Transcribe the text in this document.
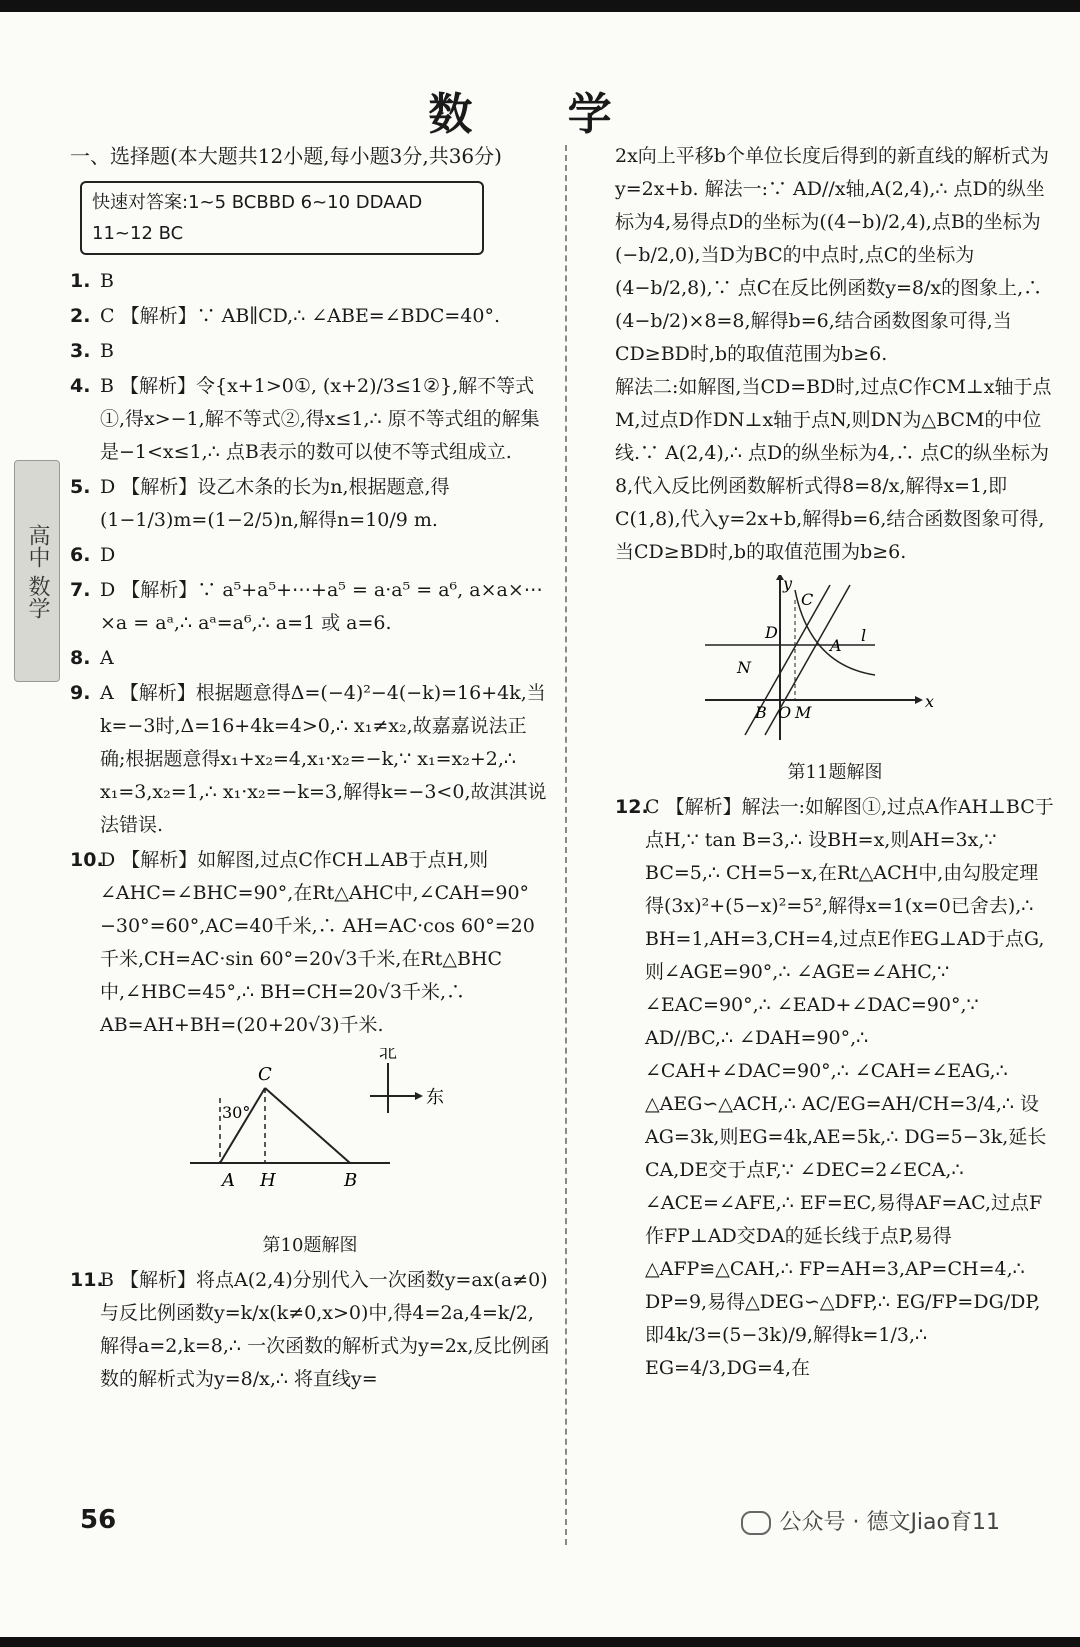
数 学
高中 数学
一、选择题(本大题共12小题,每小题3分,共36分)
快速对答案:1~5 BCBBD 6~10 DDAAD
11~12 BC
1. B
2. C 【解析】∵ AB∥CD,∴ ∠ABE=∠BDC=40°.
3. B
4. B 【解析】令{x+1>0①, (x+2)/3≤1②},解不等式①,得x>−1,解不等式②,得x≤1,∴ 原不等式组的解集是−1<x≤1,∴ 点B表示的数可以使不等式组成立.
5. D 【解析】设乙木条的长为n,根据题意,得(1−1/3)m=(1−2/5)n,解得n=10/9 m.
6. D
7. D 【解析】∵ a⁵+a⁵+⋯+a⁵ = a·a⁵ = a⁶, a×a×⋯×a = aᵃ,∴ aᵃ=a⁶,∴ a=1 或 a=6.
8. A
9. A 【解析】根据题意得Δ=(−4)²−4(−k)=16+4k,当k=−3时,Δ=16+4k=4>0,∴ x₁≠x₂,故嘉嘉说法正确;根据题意得x₁+x₂=4,x₁·x₂=−k,∵ x₁=x₂+2,∴ x₁=3,x₂=1,∴ x₁·x₂=−k=3,解得k=−3<0,故淇淇说法错误.
10.
D 【解析】如解图,过点C作CH⊥AB于点H,则∠AHC=∠BHC=90°,在Rt△AHC中,∠CAH=90°−30°=60°,AC=40千米,∴ AH=AC·cos 60°=20千米,CH=AC·sin 60°=20√3千米,在Rt△BHC中,∠HBC=45°,∴ BH=CH=20√3千米,∴ AB=AH+BH=(20+20√3)千米.
C
30°
A H	B
北
东
第10题解图
11.
B 【解析】将点A(2,4)分别代入一次函数y=ax(a≠0)与反比例函数y=k/x(k≠0,x>0)中,得4=2a,4=k/2,解得a=2,k=8,∴ 一次函数的解析式为y=2x,反比例函数的解析式为y=8/x,∴ 将直线y=
2x向上平移b个单位长度后得到的新直线的解析式为y=2x+b. 解法一:∵ AD//x轴,A(2,4),∴ 点D的纵坐标为4,易得点D的坐标为((4−b)/2,4),点B的坐标为(−b/2,0),当D为BC的中点时,点C的坐标为(4−b/2,8),∵ 点C在反比例函数y=8/x的图象上,∴ (4−b/2)×8=8,解得b=6,结合函数图象可得,当CD≥BD时,b的取值范围为b≥6.
解法二:如解图,当CD=BD时,过点C作CM⊥x轴于点M,过点D作DN⊥x轴于点N,则DN为△BCM的中位线.∵ A(2,4),∴ 点D的纵坐标为4,∴ 点C的纵坐标为8,代入反比例函数解析式得8=8/x,解得x=1,即C(1,8),代入y=2x+b,解得b=6,结合函数图象可得,当CD≥BD时,b的取值范围为b≥6.
y
x
C
D
A
l
N
B O M
第11题解图
12.
C 【解析】解法一:如解图①,过点A作AH⊥BC于点H,∵ tan B=3,∴ 设BH=x,则AH=3x,∵ BC=5,∴ CH=5−x,在Rt△ACH中,由勾股定理得(3x)²+(5−x)²=5²,解得x=1(x=0已舍去),∴ BH=1,AH=3,CH=4,过点E作EG⊥AD于点G,则∠AGE=90°,∴ ∠AGE=∠AHC,∵ ∠EAC=90°,∴ ∠EAD+∠DAC=90°,∵ AD//BC,∴ ∠DAH=90°,∴ ∠CAH+∠DAC=90°,∴ ∠CAH=∠EAG,∴ △AEG∽△ACH,∴ AC/EG=AH/CH=3/4,∴ 设AG=3k,则EG=4k,AE=5k,∴ DG=5−3k,延长CA,DE交于点F,∵ ∠DEC=2∠ECA,∴ ∠ACE=∠AFE,∴ EF=EC,易得AF=AC,过点F作FP⊥AD交DA的延长线于点P,易得△AFP≌△CAH,∴ FP=AH=3,AP=CH=4,∴ DP=9,易得△DEG∽△DFP,∴ EG/FP=DG/DP,即4k/3=(5−3k)/9,解得k=1/3,∴ EG=4/3,DG=4,在
56	公众号 · 德文Jiao育11
